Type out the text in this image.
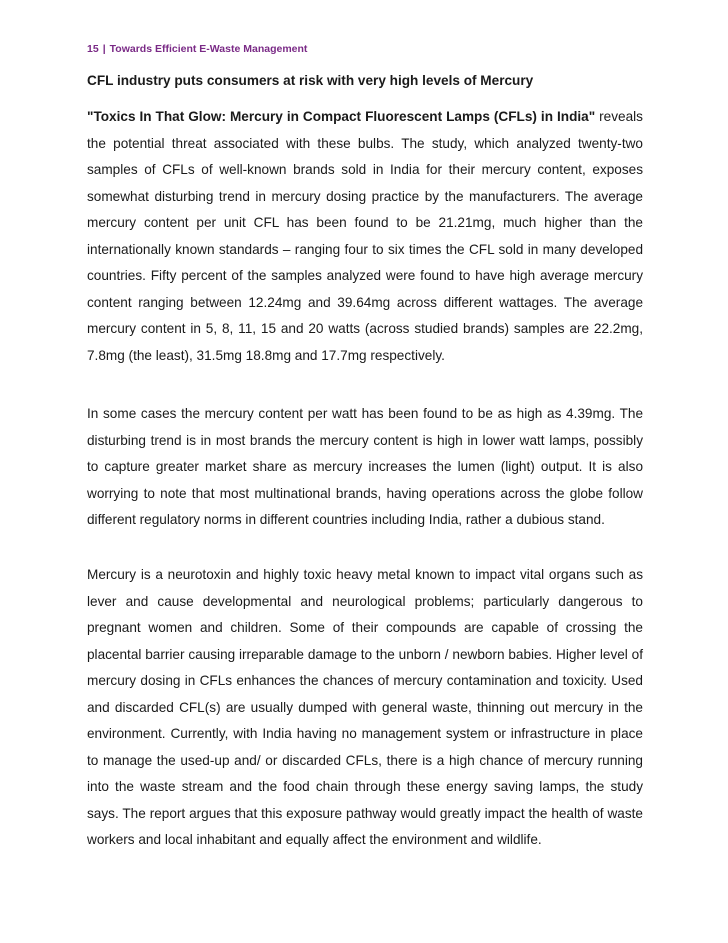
15 | Towards Efficient E-Waste Management
CFL industry puts consumers at risk with very high levels of Mercury

"Toxics In That Glow: Mercury in Compact Fluorescent Lamps (CFLs) in India" reveals the potential threat associated with these bulbs. The study, which analyzed twenty-two samples of CFLs of well-known brands sold in India for their mercury content, exposes somewhat disturbing trend in mercury dosing practice by the manufacturers. The average mercury content per unit CFL has been found to be 21.21mg, much higher than the internationally known standards – ranging four to six times the CFL sold in many developed countries. Fifty percent of the samples analyzed were found to have high average mercury content ranging between 12.24mg and 39.64mg across different wattages. The average mercury content in 5, 8, 11, 15 and 20 watts (across studied brands) samples are 22.2mg, 7.8mg (the least), 31.5mg 18.8mg and 17.7mg respectively.

In some cases the mercury content per watt has been found to be as high as 4.39mg. The disturbing trend is in most brands the mercury content is high in lower watt lamps, possibly to capture greater market share as mercury increases the lumen (light) output. It is also worrying to note that most multinational brands, having operations across the globe follow different regulatory norms in different countries including India, rather a dubious stand.

Mercury is a neurotoxin and highly toxic heavy metal known to impact vital organs such as lever and cause developmental and neurological problems; particularly dangerous to pregnant women and children. Some of their compounds are capable of crossing the placental barrier causing irreparable damage to the unborn / newborn babies. Higher level of mercury dosing in CFLs enhances the chances of mercury contamination and toxicity. Used and discarded CFL(s) are usually dumped with general waste, thinning out mercury in the environment. Currently, with India having no management system or infrastructure in place to manage the used-up and/ or discarded CFLs, there is a high chance of mercury running into the waste stream and the food chain through these energy saving lamps, the study says. The report argues that this exposure pathway would greatly impact the health of waste workers and local inhabitant and equally affect the environment and wildlife.
